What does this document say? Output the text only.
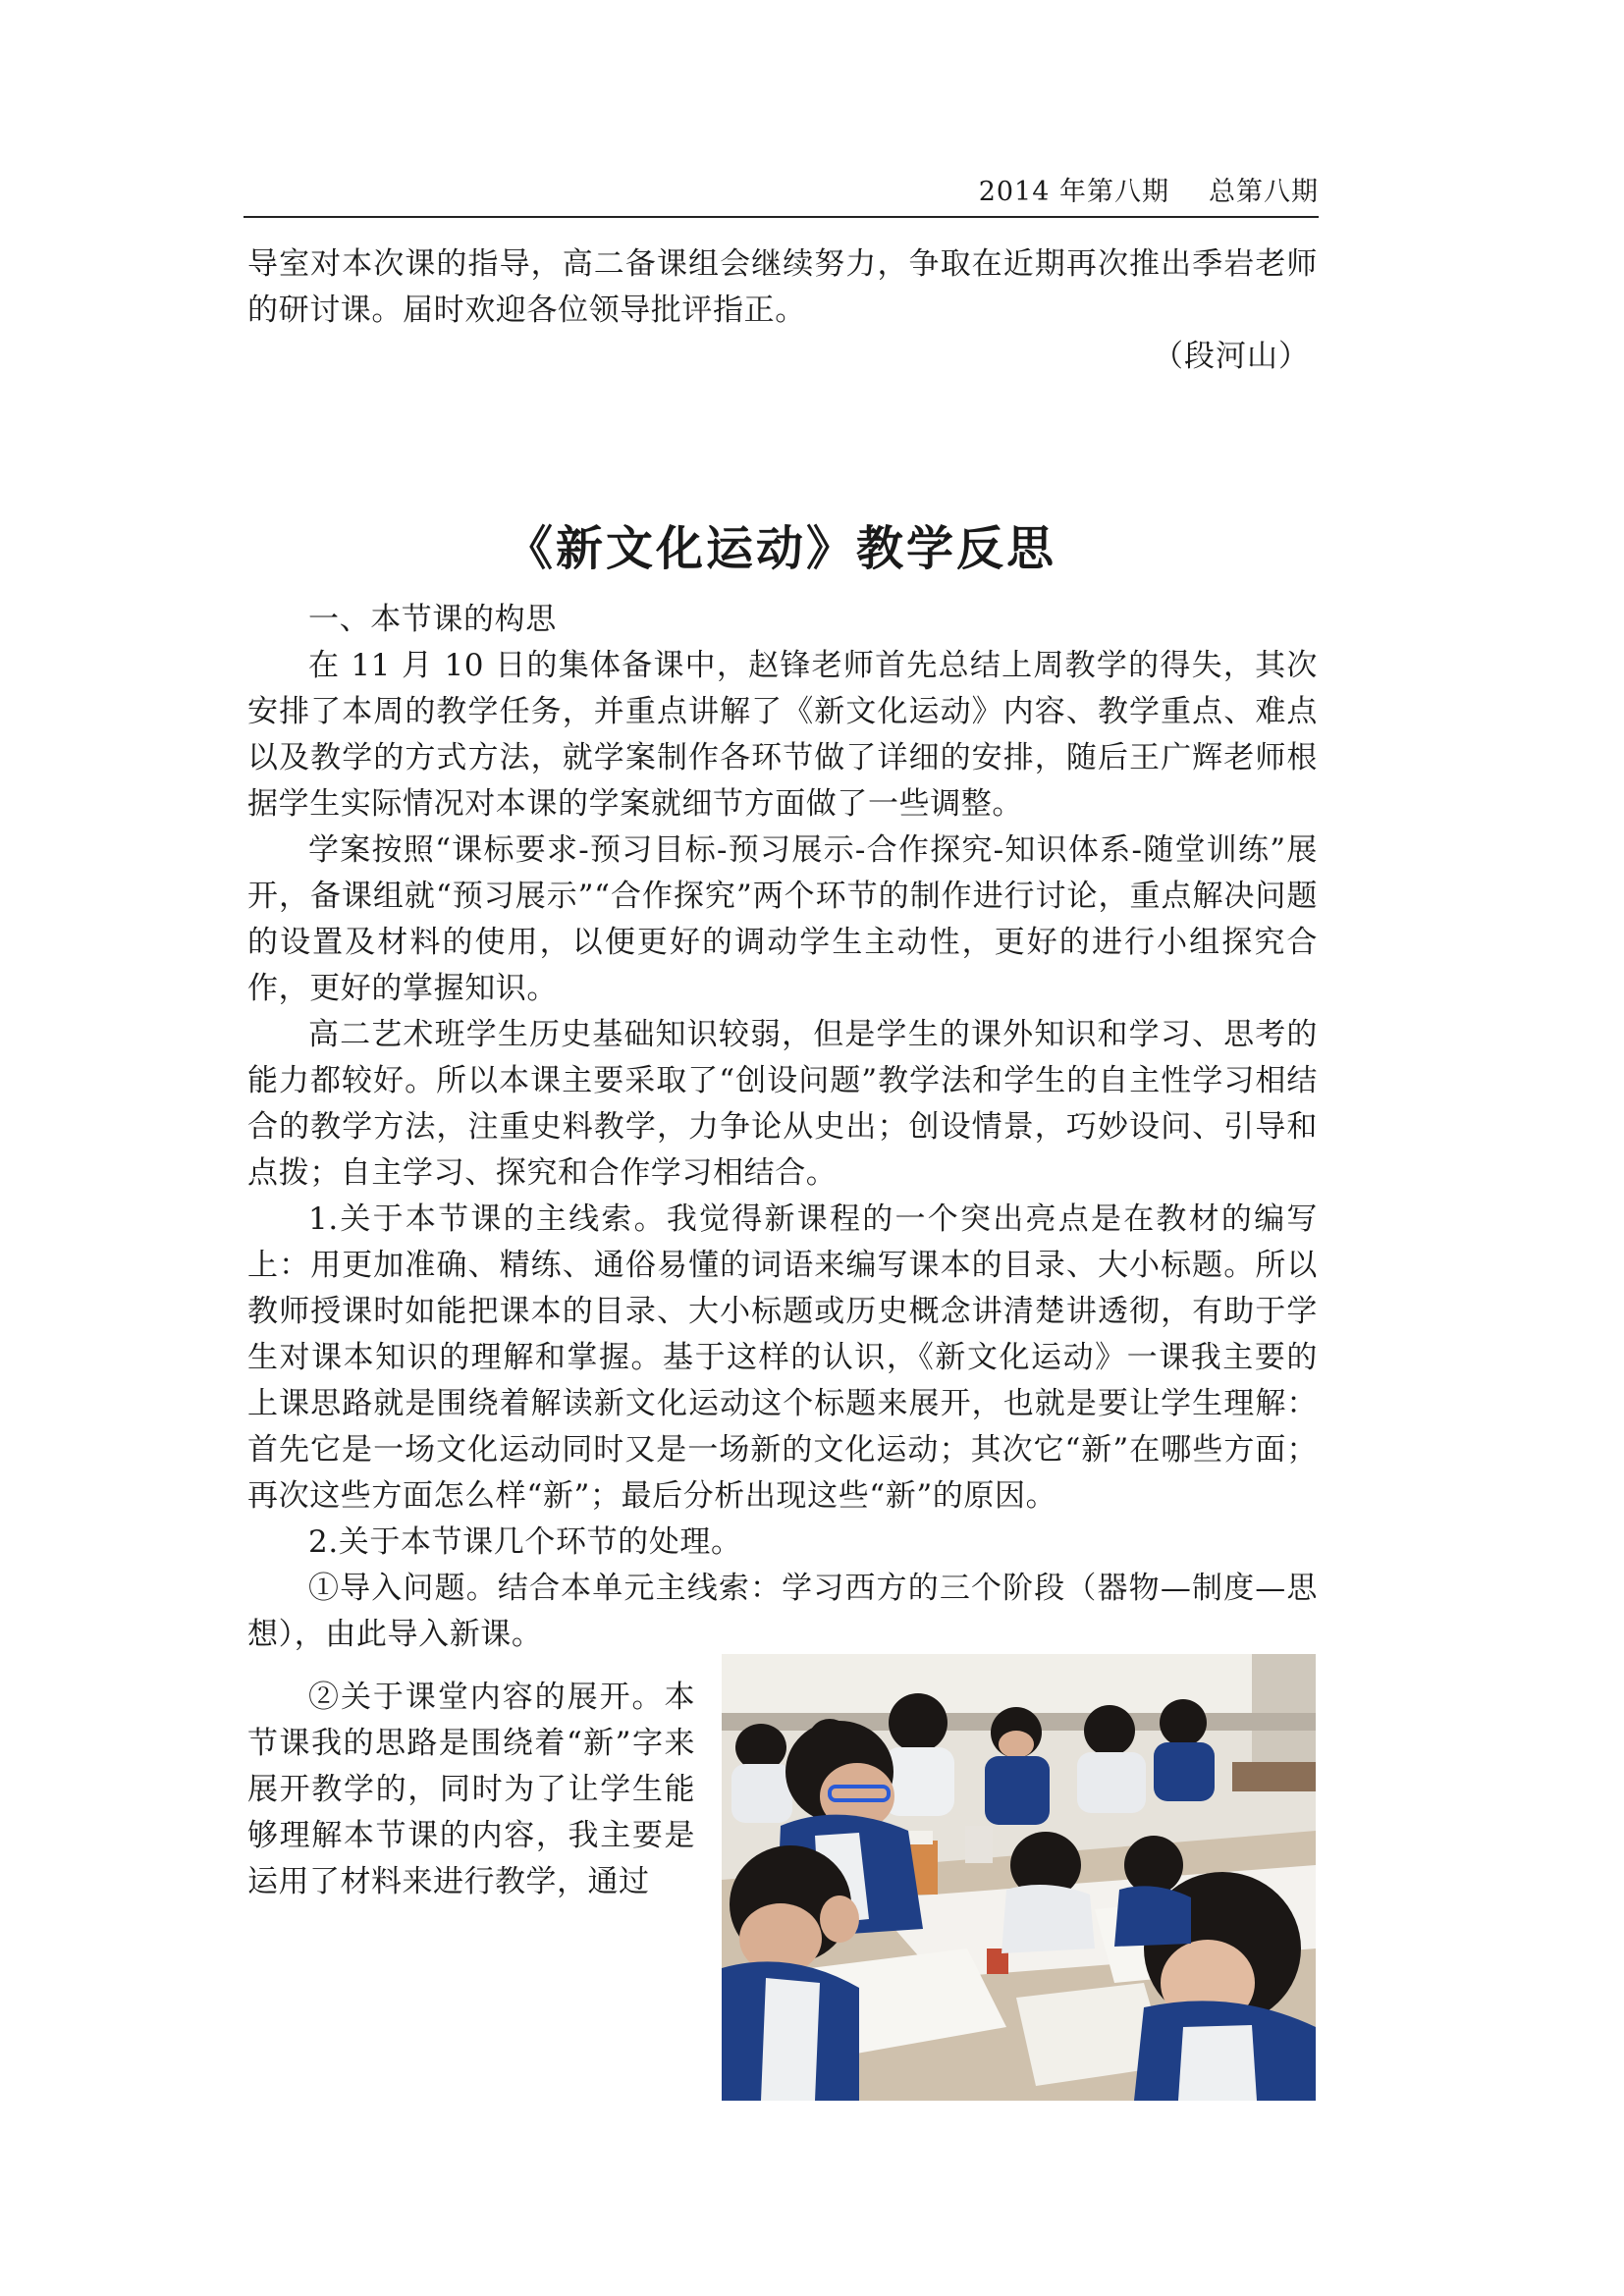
2014 年第八期 总第八期

导室对本次课的指导，高二备课组会继续努力，争取在近期再次推出季岩老师的研讨课。届时欢迎各位领导批评指正。

（段河山）
《新文化运动》教学反思

一、本节课的构思

在 11 月 10 日的集体备课中，赵锋老师首先总结上周教学的得失，其次安排了本周的教学任务，并重点讲解了《新文化运动》内容、教学重点、难点以及教学的方式方法，就学案制作各环节做了详细的安排，随后王广辉老师根据学生实际情况对本课的学案就细节方面做了一些调整。

学案按照“课标要求-预习目标-预习展示-合作探究-知识体系-随堂训练”展开，备课组就“预习展示”“合作探究”两个环节的制作进行讨论，重点解决问题的设置及材料的使用，以便更好的调动学生主动性，更好的进行小组探究合作，更好的掌握知识。

高二艺术班学生历史基础知识较弱，但是学生的课外知识和学习、思考的能力都较好。所以本课主要采取了“创设问题”教学法和学生的自主性学习相结合的教学方法，注重史料教学，力争论从史出；创设情景，巧妙设问、引导和点拨；自主学习、探究和合作学习相结合。

1.关于本节课的主线索。我觉得新课程的一个突出亮点是在教材的编写上：用更加准确、精练、通俗易懂的词语来编写课本的目录、大小标题。所以教师授课时如能把课本的目录、大小标题或历史概念讲清楚讲透彻，有助于学生对课本知识的理解和掌握。基于这样的认识，《新文化运动》一课我主要的上课思路就是围绕着解读新文化运动这个标题来展开，也就是要让学生理解：首先它是一场文化运动同时又是一场新的文化运动；其次它“新”在哪些方面；再次这些方面怎么样“新”；最后分析出现这些“新”的原因。

2.关于本节课几个环节的处理。

①导入问题。结合本单元主线索：学习西方的三个阶段（器物—制度—思想），由此导入新课。

②关于课堂内容的展开。本节课我的思路是围绕着“新”字来展开教学的，同时为了让学生能够理解本节课的内容，我主要是运用了材料来进行教学，通过
